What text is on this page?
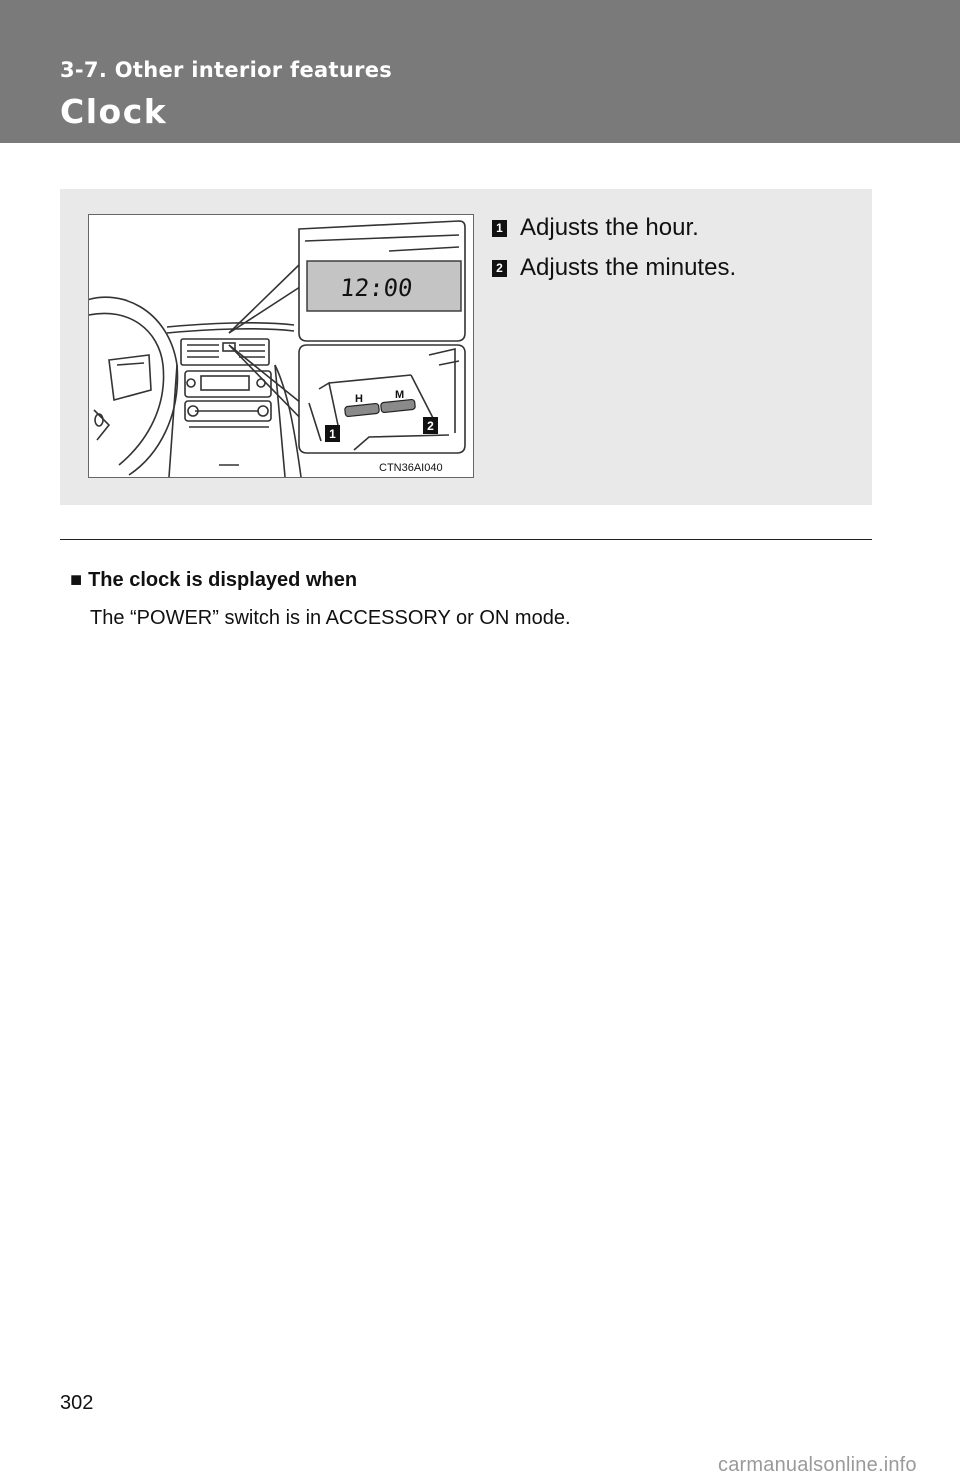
3-7. Other interior features
Clock
12:00
H	M
1
2
CTN36AI040
1 Adjusts the hour.
2 Adjusts the minutes.
■ The clock is displayed when
The “POWER” switch is in ACCESSORY or ON mode.
302
carmanualsonline.info
